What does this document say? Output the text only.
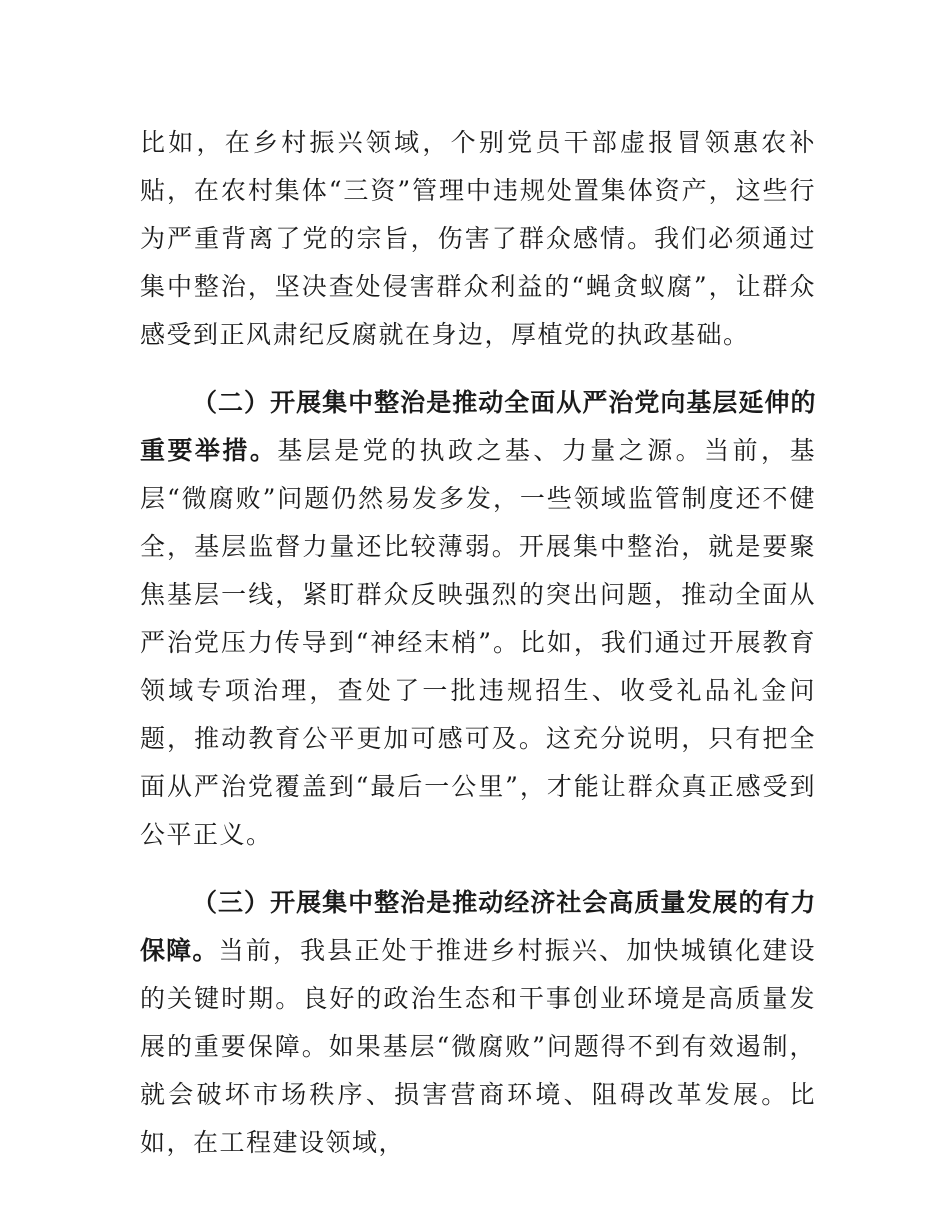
比如，在乡村振兴领域，个别党员干部虚报冒领惠农补贴，在农村集体“三资”管理中违规处置集体资产，这些行为严重背离了党的宗旨，伤害了群众感情。我们必须通过集中整治，坚决查处侵害群众利益的“蝇贪蚁腐”，让群众感受到正风肃纪反腐就在身边，厚植党的执政基础。

（二）开展集中整治是推动全面从严治党向基层延伸的重要举措。基层是党的执政之基、力量之源。当前，基层“微腐败”问题仍然易发多发，一些领域监管制度还不健全，基层监督力量还比较薄弱。开展集中整治，就是要聚焦基层一线，紧盯群众反映强烈的突出问题，推动全面从严治党压力传导到“神经末梢”。比如，我们通过开展教育领域专项治理，查处了一批违规招生、收受礼品礼金问题，推动教育公平更加可感可及。这充分说明，只有把全面从严治党覆盖到“最后一公里”，才能让群众真正感受到公平正义。

（三）开展集中整治是推动经济社会高质量发展的有力保障。当前，我县正处于推进乡村振兴、加快城镇化建设的关键时期。良好的政治生态和干事创业环境是高质量发展的重要保障。如果基层“微腐败”问题得不到有效遏制，就会破坏市场秩序、损害营商环境、阻碍改革发展。比如，在工程建设领域，
